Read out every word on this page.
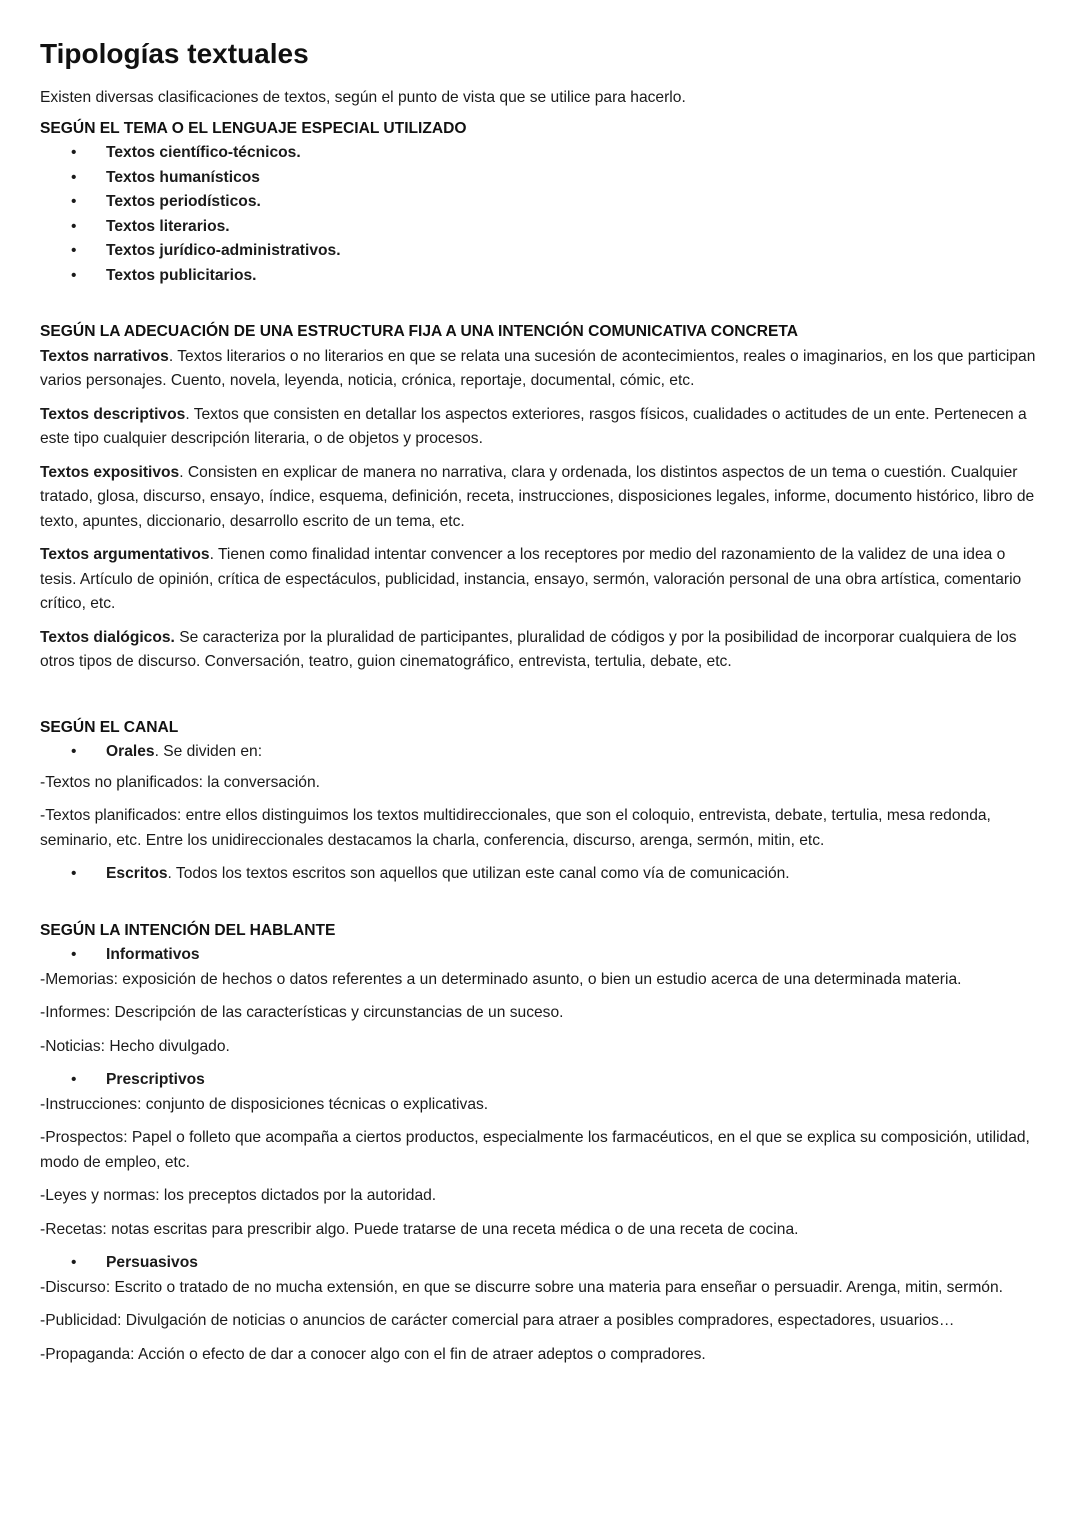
Tipologías textuales

Existen diversas clasificaciones de textos, según el punto de vista que se utilice para hacerlo.

SEGÚN EL TEMA O EL LENGUAJE ESPECIAL UTILIZADO

• Textos científico-técnicos.
• Textos humanísticos
• Textos periodísticos.
• Textos literarios.
• Textos jurídico-administrativos.
• Textos publicitarios.

SEGÚN LA ADECUACIÓN DE UNA ESTRUCTURA FIJA A UNA INTENCIÓN COMUNICATIVA CONCRETA

Textos narrativos. Textos literarios o no literarios en que se relata una sucesión de acontecimientos, reales o imaginarios, en los que participan varios personajes. Cuento, novela, leyenda, noticia, crónica, reportaje, documental, cómic, etc.

Textos descriptivos. Textos que consisten en detallar los aspectos exteriores, rasgos físicos, cualidades o actitudes de un ente. Pertenecen a este tipo cualquier descripción literaria, o de objetos y procesos.

Textos expositivos. Consisten en explicar de manera no narrativa, clara y ordenada, los distintos aspectos de un tema o cuestión. Cualquier tratado, glosa, discurso, ensayo, índice, esquema, definición, receta, instrucciones, disposiciones legales, informe, documento histórico, libro de texto, apuntes, diccionario, desarrollo escrito de un tema, etc.

Textos argumentativos. Tienen como finalidad intentar convencer a los receptores por medio del razonamiento de la validez de una idea o tesis. Artículo de opinión, crítica de espectáculos, publicidad, instancia, ensayo, sermón, valoración personal de una obra artística, comentario crítico, etc.

Textos dialógicos. Se caracteriza por la pluralidad de participantes, pluralidad de códigos y por la posibilidad de incorporar cualquiera de los otros tipos de discurso. Conversación, teatro, guion cinematográfico, entrevista, tertulia, debate, etc.

SEGÚN EL CANAL

• Orales. Se dividen en:

-Textos no planificados: la conversación.

-Textos planificados: entre ellos distinguimos los textos multidireccionales, que son el coloquio, entrevista, debate, tertulia, mesa redonda, seminario, etc. Entre los unidireccionales destacamos la charla, conferencia, discurso, arenga, sermón, mitin, etc.

• Escritos. Todos los textos escritos son aquellos que utilizan este canal como vía de comunicación.

SEGÚN LA INTENCIÓN DEL HABLANTE

• Informativos

-Memorias: exposición de hechos o datos referentes a un determinado asunto, o bien un estudio acerca de una determinada materia.

-Informes: Descripción de las características y circunstancias de un suceso.

-Noticias: Hecho divulgado.

• Prescriptivos

-Instrucciones: conjunto de disposiciones técnicas o explicativas.

-Prospectos: Papel o folleto que acompaña a ciertos productos, especialmente los farmacéuticos, en el que se explica su composición, utilidad, modo de empleo, etc.

-Leyes y normas: los preceptos dictados por la autoridad.

-Recetas: notas escritas para prescribir algo. Puede tratarse de una receta médica o de una receta de cocina.

• Persuasivos

-Discurso: Escrito o tratado de no mucha extensión, en que se discurre sobre una materia para enseñar o persuadir. Arenga, mitin, sermón.

-Publicidad: Divulgación de noticias o anuncios de carácter comercial para atraer a posibles compradores, espectadores, usuarios…

-Propaganda: Acción o efecto de dar a conocer algo con el fin de atraer adeptos o compradores.
